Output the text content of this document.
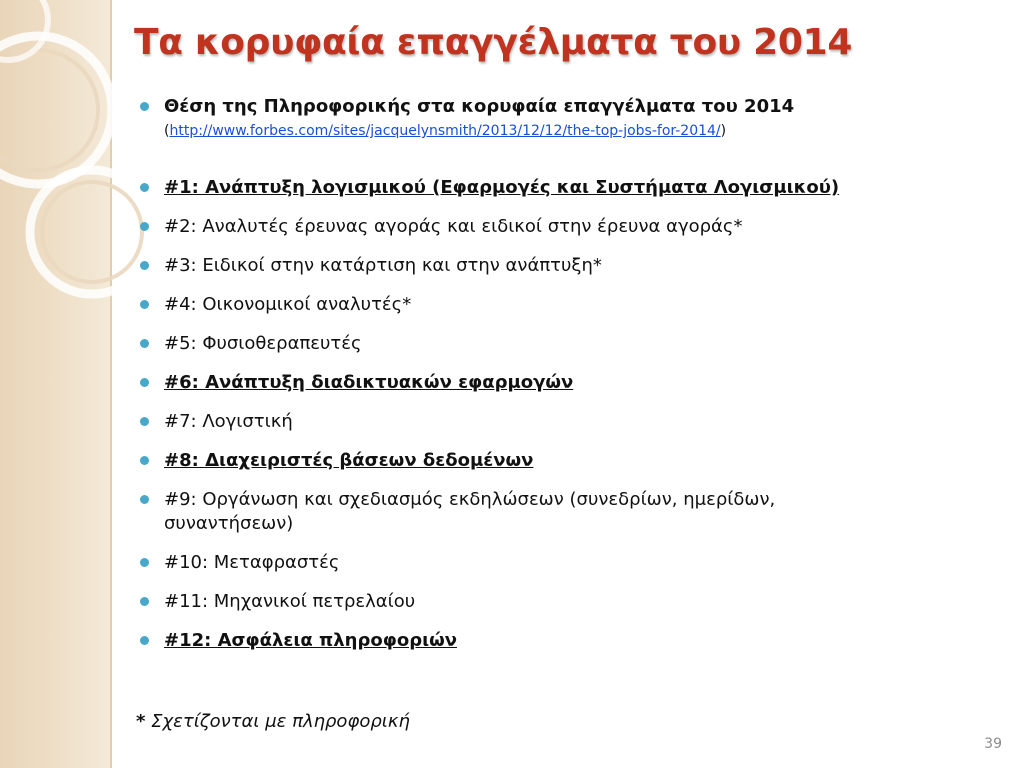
Τα κορυφαία επαγγέλματα του 2014
Θέση της Πληροφορικής στα κορυφαία επαγγέλματα του 2014
(http://www.forbes.com/sites/jacquelynsmith/2013/12/12/the-top-jobs-for-2014/)
#1: Ανάπτυξη λογισμικού (Εφαρμογές και Συστήματα Λογισμικού)
#2: Αναλυτές έρευνας αγοράς και ειδικοί στην έρευνα αγοράς*
#3: Ειδικοί στην κατάρτιση και στην ανάπτυξη*
#4: Οικονομικοί αναλυτές*
#5: Φυσιοθεραπευτές
#6: Ανάπτυξη διαδικτυακών εφαρμογών
#7: Λογιστική
#8: Διαχειριστές βάσεων δεδομένων
#9: Οργάνωση και σχεδιασμός εκδηλώσεων (συνεδρίων, ημερίδων, συναντήσεων)
#10: Μεταφραστές
#11: Μηχανικοί πετρελαίου
#12: Ασφάλεια πληροφοριών
* Σχετίζονται με πληροφορική
39
